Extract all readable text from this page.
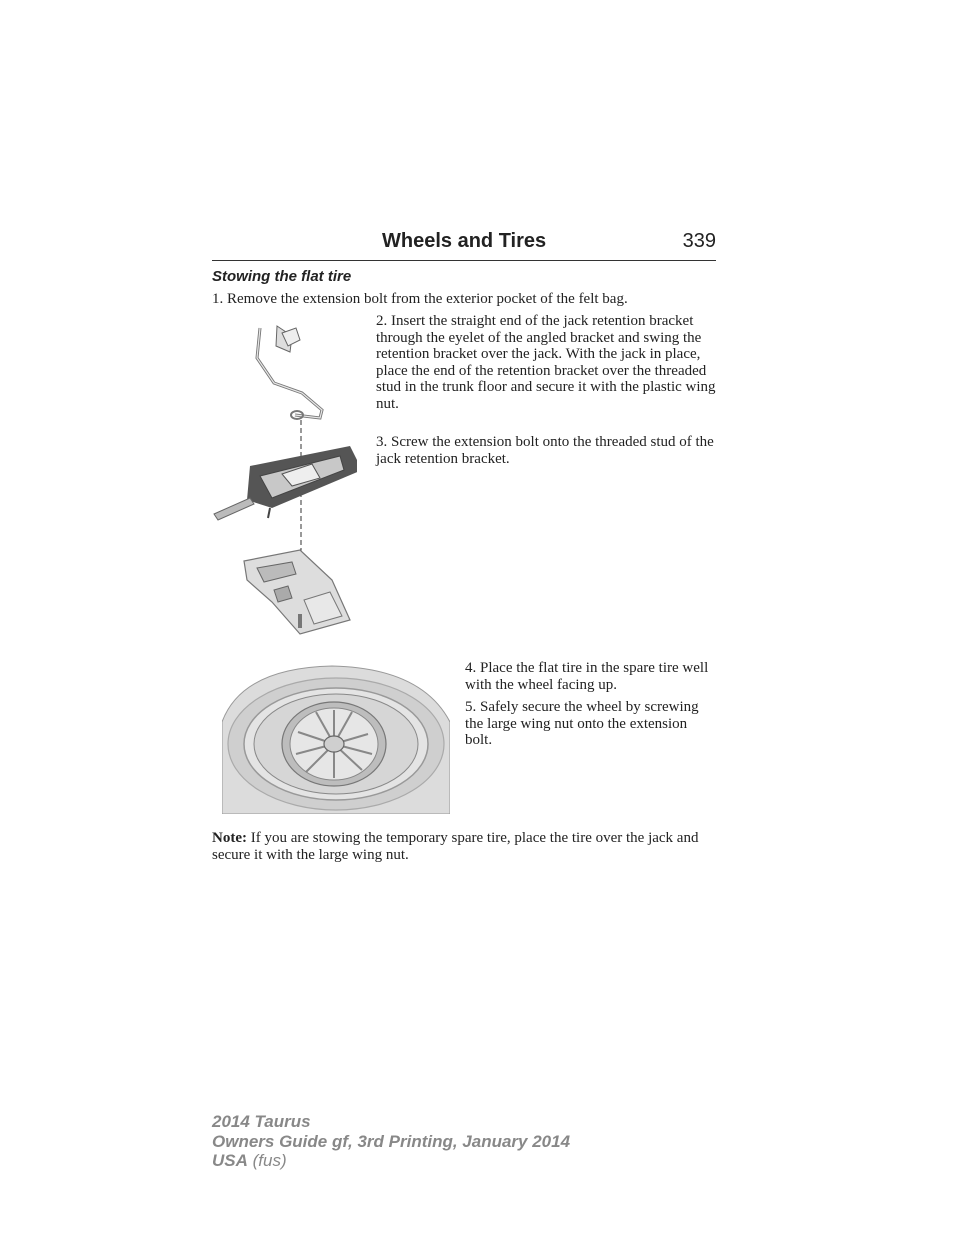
Wheels and Tires	339
Stowing the flat tire

1. Remove the extension bolt from the exterior pocket of the felt bag.

2. Insert the straight end of the jack retention bracket through the eyelet of the angled bracket and swing the retention bracket over the jack. With the jack in place, place the end of the retention bracket over the threaded stud in the trunk floor and secure it with the plastic wing nut.

3. Screw the extension bolt onto the threaded stud of the jack retention bracket.

4. Place the flat tire in the spare tire well with the wheel facing up.

5. Safely secure the wheel by screwing the large wing nut onto the extension bolt.

Note: If you are stowing the temporary spare tire, place the tire over the jack and secure it with the large wing nut.

2014 Taurus
Owners Guide gf, 3rd Printing, January 2014
USA (fus)
